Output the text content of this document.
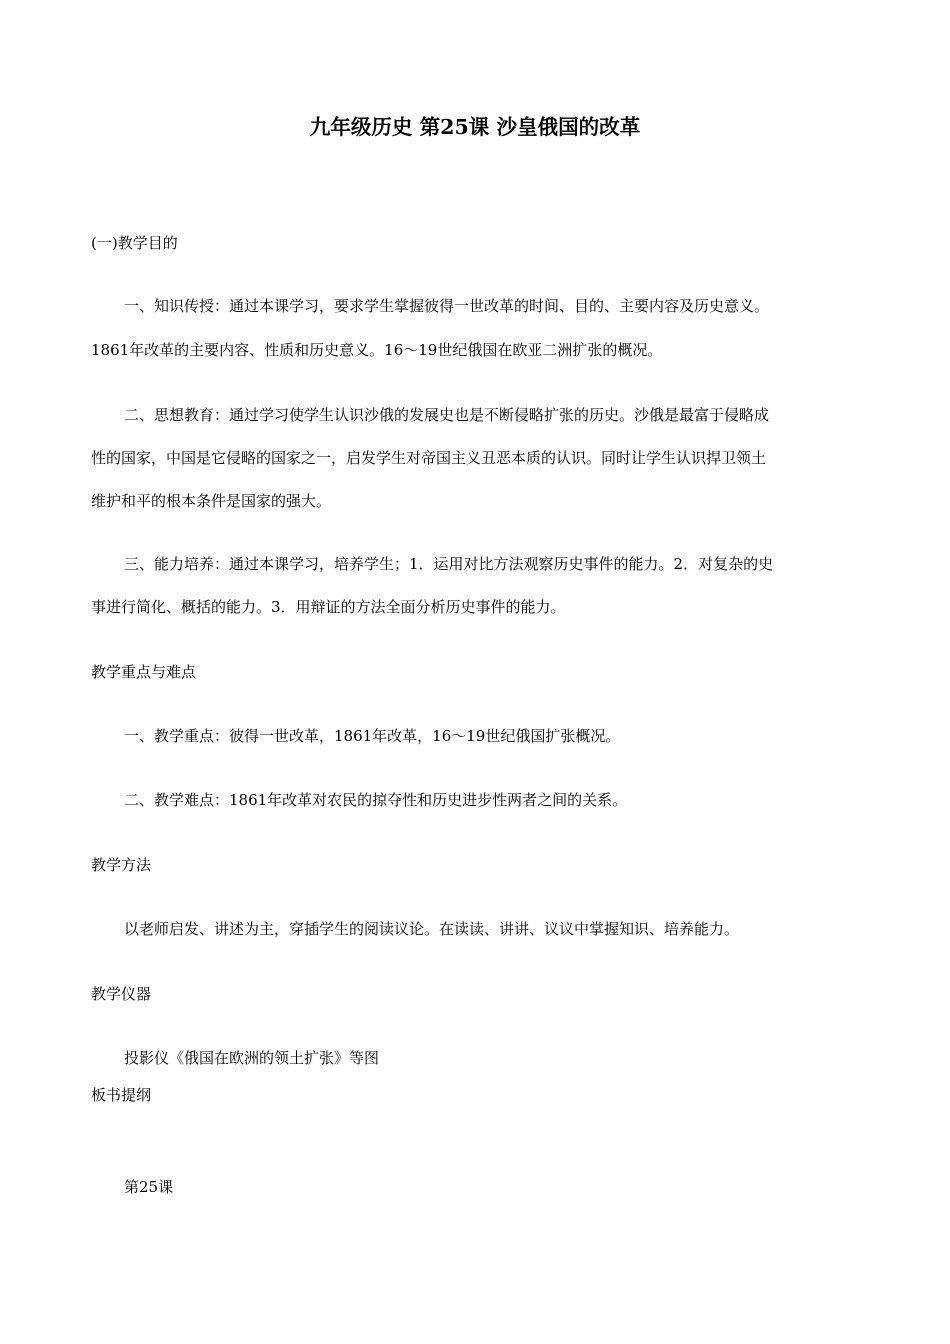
九年级历史 第25课 沙皇俄国的改革
(一)教学目的
一、知识传授：通过本课学习，要求学生掌握彼得一世改革的时间、目的、主要内容及历史意义。
1861年改革的主要内容、性质和历史意义。16～19世纪俄国在欧亚二洲扩张的概况。
二、思想教育：通过学习使学生认识沙俄的发展史也是不断侵略扩张的历史。沙俄是最富于侵略成
性的国家，中国是它侵略的国家之一，启发学生对帝国主义丑恶本质的认识。同时让学生认识捍卫领土
维护和平的根本条件是国家的强大。
三、能力培养：通过本课学习，培养学生；1．运用对比方法观察历史事件的能力。2．对复杂的史
事进行简化、概括的能力。3．用辩证的方法全面分析历史事件的能力。
教学重点与难点
一、教学重点：彼得一世改革，1861年改革，16～19世纪俄国扩张概况。
二、教学难点：1861年改革对农民的掠夺性和历史进步性两者之间的关系。
教学方法
以老师启发、讲述为主，穿插学生的阅读议论。在读读、讲讲、议议中掌握知识、培养能力。
教学仪器
投影仪《俄国在欧洲的领土扩张》等图
板书提纲
第25课
